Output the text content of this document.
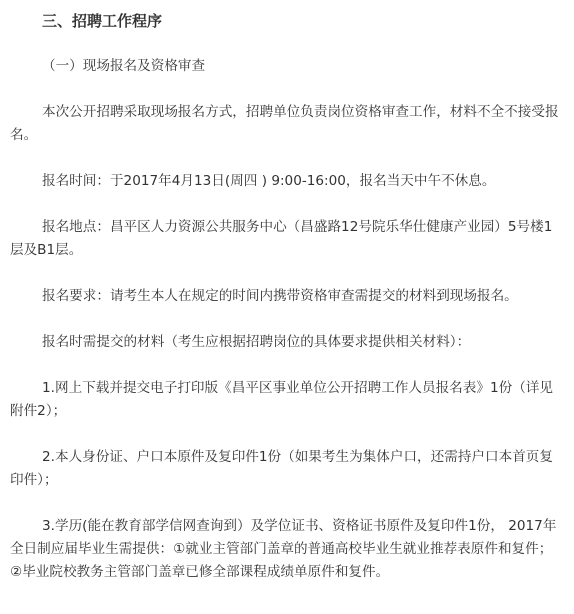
三、招聘工作程序

（一）现场报名及资格审查

本次公开招聘采取现场报名方式，招聘单位负责岗位资格审查工作，材料不全不接受报名。

报名时间：于2017年4月13日(周四 ) 9:00-16:00，报名当天中午不休息。

报名地点：昌平区人力资源公共服务中心（昌盛路12号院乐华仕健康产业园）5号楼1层及B1层。

报名要求：请考生本人在规定的时间内携带资格审查需提交的材料到现场报名。

报名时需提交的材料（考生应根据招聘岗位的具体要求提供相关材料）：

1.网上下载并提交电子打印版《昌平区事业单位公开招聘工作人员报名表》1份（详见附件2）；

2.本人身份证、户口本原件及复印件1份（如果考生为集体户口，还需持户口本首页复印件）；

3.学历(能在教育部学信网查询到）及学位证书、资格证书原件及复印件1份， 2017年全日制应届毕业生需提供：①就业主管部门盖章的普通高校毕业生就业推荐表原件和复件；②毕业院校教务主管部门盖章已修全部课程成绩单原件和复件。
